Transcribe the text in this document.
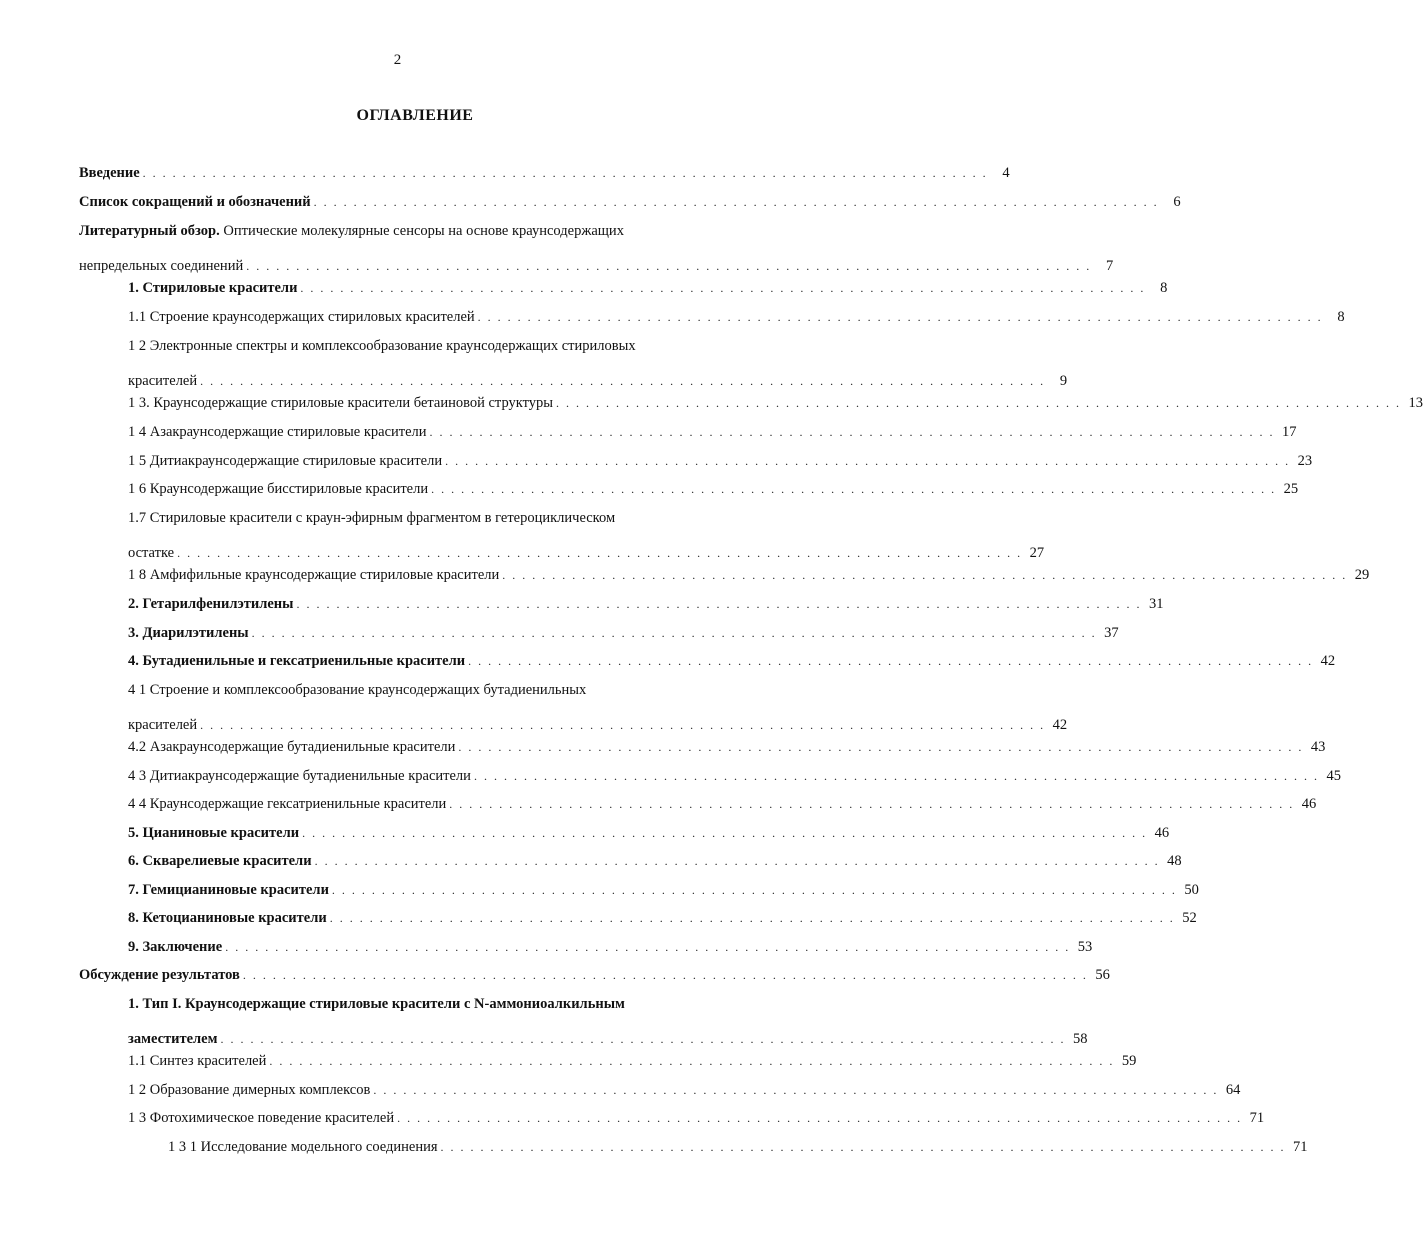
2
ОГЛАВЛЕНИЕ
Введение . . . . . . . . . . . . . . . . . . . . . . . . . . . . . . . . . . . . . . . . . . . . . . . . . . . . . . . . . . . . . . . . . . . . . . . . . . . . . . . . . . . . .	4
Список сокращений и обозначений . . . . . . . . . . . . . . . . . . . . . . . . . . . . . . . . . . . . . . . . . . . . . . . . . . . . . . . . . . . . . . . . . . . . . . . . . . . . . . . . . . . . .	6
Литературный обзор. Оптические молекулярные сенсоры на основе краунсодержащих
непредельных соединений . . . . . . . . . . . . . . . . . . . . . . . . . . . . . . . . . . . . . . . . . . . . . . . . . . . . . . . . . . . . . . . . . . . . . . . . . . . . . . . . . . . . .	7
1. Стириловые красители . . . . . . . . . . . . . . . . . . . . . . . . . . . . . . . . . . . . . . . . . . . . . . . . . . . . . . . . . . . . . . . . . . . . . . . . . . . . . . . . . . . . .	8
1.1 Строение краунсодержащих стириловых красителей . . . . . . . . . . . . . . . . . . . . . . . . . . . . . . . . . . . . . . . . . . . . . . . . . . . . . . . . . . . . . . . . . . . . . . . . . . . . . . . . . . . . .	8
1 2 Электронные спектры и комплексообразование краунсодержащих стириловых
красителей . . . . . . . . . . . . . . . . . . . . . . . . . . . . . . . . . . . . . . . . . . . . . . . . . . . . . . . . . . . . . . . . . . . . . . . . . . . . . . . . . . . . .	9
1 3. Краунсодержащие стириловые красители бетаиновой структуры . . . . . . . . . . . . . . . . . . . . . . . . . . . . . . . . . . . . . . . . . . . . . . . . . . . . . . . . . . . . . . . . . . . . . . . . . . . . . . . . . . . . . 13
1 4 Азакраунсодержащие стириловые красители . . . . . . . . . . . . . . . . . . . . . . . . . . . . . . . . . . . . . . . . . . . . . . . . . . . . . . . . . . . . . . . . . . . . . . . . . . . . . . . . . . . . . 17
1 5 Дитиакраунсодержащие стириловые красители . . . . . . . . . . . . . . . . . . . . . . . . . . . . . . . . . . . . . . . . . . . . . . . . . . . . . . . . . . . . . . . . . . . . . . . . . . . . . . . . . . . . . 23
1 6 Краунсодержащие бисстириловые красители . . . . . . . . . . . . . . . . . . . . . . . . . . . . . . . . . . . . . . . . . . . . . . . . . . . . . . . . . . . . . . . . . . . . . . . . . . . . . . . . . . . . . 25
1.7 Стириловые красители с краун-эфирным фрагментом в гетероциклическом
остатке . . . . . . . . . . . . . . . . . . . . . . . . . . . . . . . . . . . . . . . . . . . . . . . . . . . . . . . . . . . . . . . . . . . . . . . . . . . . . . . . . . . . . 27
1 8 Амфифильные краунсодержащие стириловые красители . . . . . . . . . . . . . . . . . . . . . . . . . . . . . . . . . . . . . . . . . . . . . . . . . . . . . . . . . . . . . . . . . . . . . . . . . . . . . . . . . . . . . 29
2. Гетарилфенилэтилены . . . . . . . . . . . . . . . . . . . . . . . . . . . . . . . . . . . . . . . . . . . . . . . . . . . . . . . . . . . . . . . . . . . . . . . . . . . . . . . . . . . . . 31
3. Диарилэтилены . . . . . . . . . . . . . . . . . . . . . . . . . . . . . . . . . . . . . . . . . . . . . . . . . . . . . . . . . . . . . . . . . . . . . . . . . . . . . . . . . . . . . 37
4. Бутадиенильные и гексатриенильные красители . . . . . . . . . . . . . . . . . . . . . . . . . . . . . . . . . . . . . . . . . . . . . . . . . . . . . . . . . . . . . . . . . . . . . . . . . . . . . . . . . . . . . 42
4 1 Строение и комплексообразование краунсодержащих бутадиенильных
красителей . . . . . . . . . . . . . . . . . . . . . . . . . . . . . . . . . . . . . . . . . . . . . . . . . . . . . . . . . . . . . . . . . . . . . . . . . . . . . . . . . . . . . 42
4.2 Азакраунсодержащие бутадиенильные красители . . . . . . . . . . . . . . . . . . . . . . . . . . . . . . . . . . . . . . . . . . . . . . . . . . . . . . . . . . . . . . . . . . . . . . . . . . . . . . . . . . . . . 43
4 3 Дитиакраунсодержащие бутадиенильные красители . . . . . . . . . . . . . . . . . . . . . . . . . . . . . . . . . . . . . . . . . . . . . . . . . . . . . . . . . . . . . . . . . . . . . . . . . . . . . . . . . . . . . 45
4 4 Краунсодержащие гексатриенильные красители . . . . . . . . . . . . . . . . . . . . . . . . . . . . . . . . . . . . . . . . . . . . . . . . . . . . . . . . . . . . . . . . . . . . . . . . . . . . . . . . . . . . . 46
5. Цианиновые красители . . . . . . . . . . . . . . . . . . . . . . . . . . . . . . . . . . . . . . . . . . . . . . . . . . . . . . . . . . . . . . . . . . . . . . . . . . . . . . . . . . . . . 46
6. Скварелиевые красители . . . . . . . . . . . . . . . . . . . . . . . . . . . . . . . . . . . . . . . . . . . . . . . . . . . . . . . . . . . . . . . . . . . . . . . . . . . . . . . . . . . . . 48
7. Гемицианиновые красители . . . . . . . . . . . . . . . . . . . . . . . . . . . . . . . . . . . . . . . . . . . . . . . . . . . . . . . . . . . . . . . . . . . . . . . . . . . . . . . . . . . . . 50
8. Кетоцианиновые красители . . . . . . . . . . . . . . . . . . . . . . . . . . . . . . . . . . . . . . . . . . . . . . . . . . . . . . . . . . . . . . . . . . . . . . . . . . . . . . . . . . . . . 52
9. Заключение . . . . . . . . . . . . . . . . . . . . . . . . . . . . . . . . . . . . . . . . . . . . . . . . . . . . . . . . . . . . . . . . . . . . . . . . . . . . . . . . . . . . . 53
Обсуждение результатов . . . . . . . . . . . . . . . . . . . . . . . . . . . . . . . . . . . . . . . . . . . . . . . . . . . . . . . . . . . . . . . . . . . . . . . . . . . . . . . . . . . . . 56
1. Тип I. Краунсодержащие стириловые красители с N-аммониоалкильным
заместителем . . . . . . . . . . . . . . . . . . . . . . . . . . . . . . . . . . . . . . . . . . . . . . . . . . . . . . . . . . . . . . . . . . . . . . . . . . . . . . . . . . . . . 58
1.1 Синтез красителей . . . . . . . . . . . . . . . . . . . . . . . . . . . . . . . . . . . . . . . . . . . . . . . . . . . . . . . . . . . . . . . . . . . . . . . . . . . . . . . . . . . . . 59
1 2 Образование димерных комплексов . . . . . . . . . . . . . . . . . . . . . . . . . . . . . . . . . . . . . . . . . . . . . . . . . . . . . . . . . . . . . . . . . . . . . . . . . . . . . . . . . . . . . 64
1 3 Фотохимическое поведение красителей . . . . . . . . . . . . . . . . . . . . . . . . . . . . . . . . . . . . . . . . . . . . . . . . . . . . . . . . . . . . . . . . . . . . . . . . . . . . . . . . . . . . . 71
1 3 1 Исследование модельного соединения . . . . . . . . . . . . . . . . . . . . . . . . . . . . . . . . . . . . . . . . . . . . . . . . . . . . . . . . . . . . . . . . . . . . . . . . . . . . . . . . . . . . . 71
